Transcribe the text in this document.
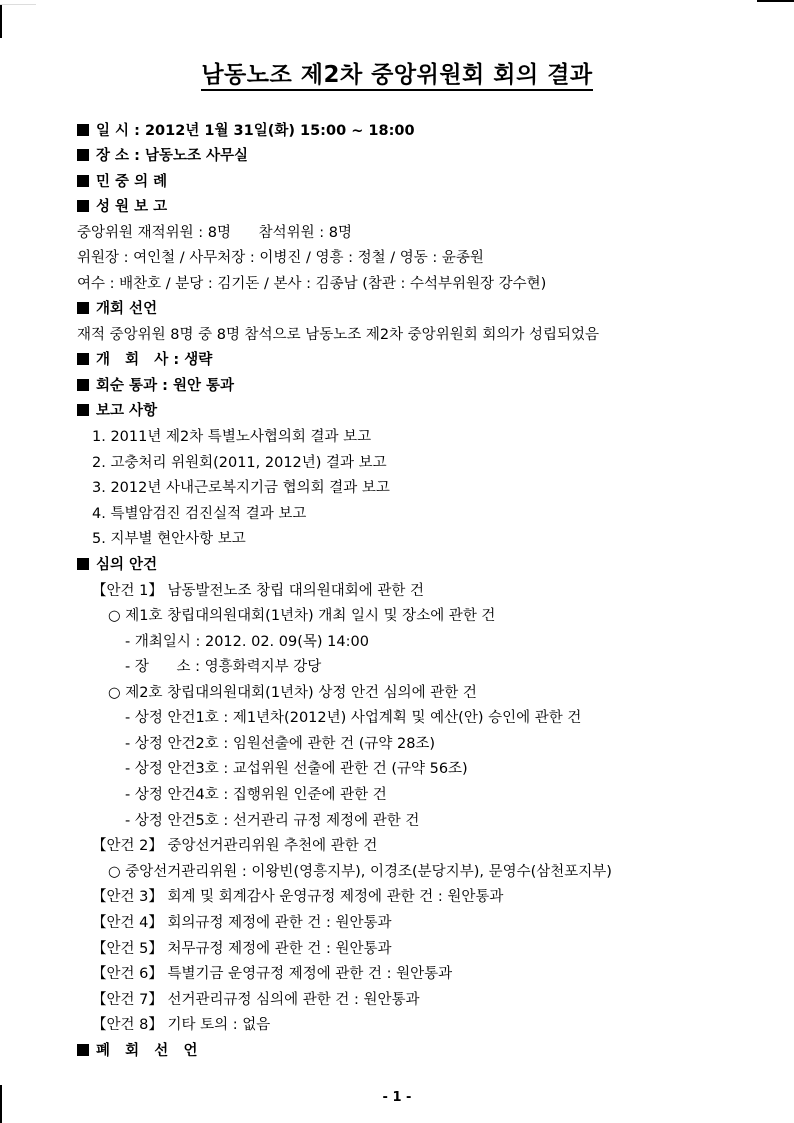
남동노조 제2차 중앙위원회 회의 결과
일 시 : 2012년 1월 31일(화) 15:00 ~ 18:00
장 소 : 남동노조 사무실
민 중 의 례
성 원 보 고
중앙위원 재적위원 : 8명      참석위원 : 8명
위원장 : 여인철 / 사무처장 : 이병진 / 영흥 : 정철 / 영동 : 윤종원
여수 : 배찬호 / 분당 : 김기돈 / 본사 : 김종남 (참관 : 수석부위원장 강수현)
개회 선언
재적 중앙위원 8명 중 8명 참석으로 남동노조 제2차 중앙위원회 회의가 성립되었음
개   회   사 : 생략
회순 통과 : 원안 통과
보고 사항
1. 2011년 제2차 특별노사협의회 결과 보고
2. 고충처리 위원회(2011, 2012년) 결과 보고
3. 2012년 사내근로복지기금 협의회 결과 보고
4. 특별암검진 검진실적 결과 보고
5. 지부별 현안사항 보고
심의 안건
【안건 1】 남동발전노조 창립 대의원대회에 관한 건
○ 제1호 창립대의원대회(1년차) 개최 일시 및 장소에 관한 건
- 개최일시 : 2012. 02. 09(목) 14:00
- 장      소 : 영흥화력지부 강당
○ 제2호 창립대의원대회(1년차) 상정 안건 심의에 관한 건
- 상정 안건1호 : 제1년차(2012년) 사업계획 및 예산(안) 승인에 관한 건
- 상정 안건2호 : 임원선출에 관한 건 (규약 28조)
- 상정 안건3호 : 교섭위원 선출에 관한 건 (규약 56조)
- 상정 안건4호 : 집행위원 인준에 관한 건
- 상정 안건5호 : 선거관리 규정 제정에 관한 건
【안건 2】 중앙선거관리위원 추천에 관한 건
○ 중앙선거관리위원 : 이왕빈(영흥지부), 이경조(분당지부), 문영수(삼천포지부)
【안건 3】 회계 및 회계감사 운영규정 제정에 관한 건 : 원안통과
【안건 4】 회의규정 제정에 관한 건 : 원안통과
【안건 5】 처무규정 제정에 관한 건 : 원안통과
【안건 6】 특별기금 운영규정 제정에 관한 건 : 원안통과
【안건 7】 선거관리규정 심의에 관한 건 : 원안통과
【안건 8】 기타 토의 : 없음
폐   회   선   언
- 1 -
